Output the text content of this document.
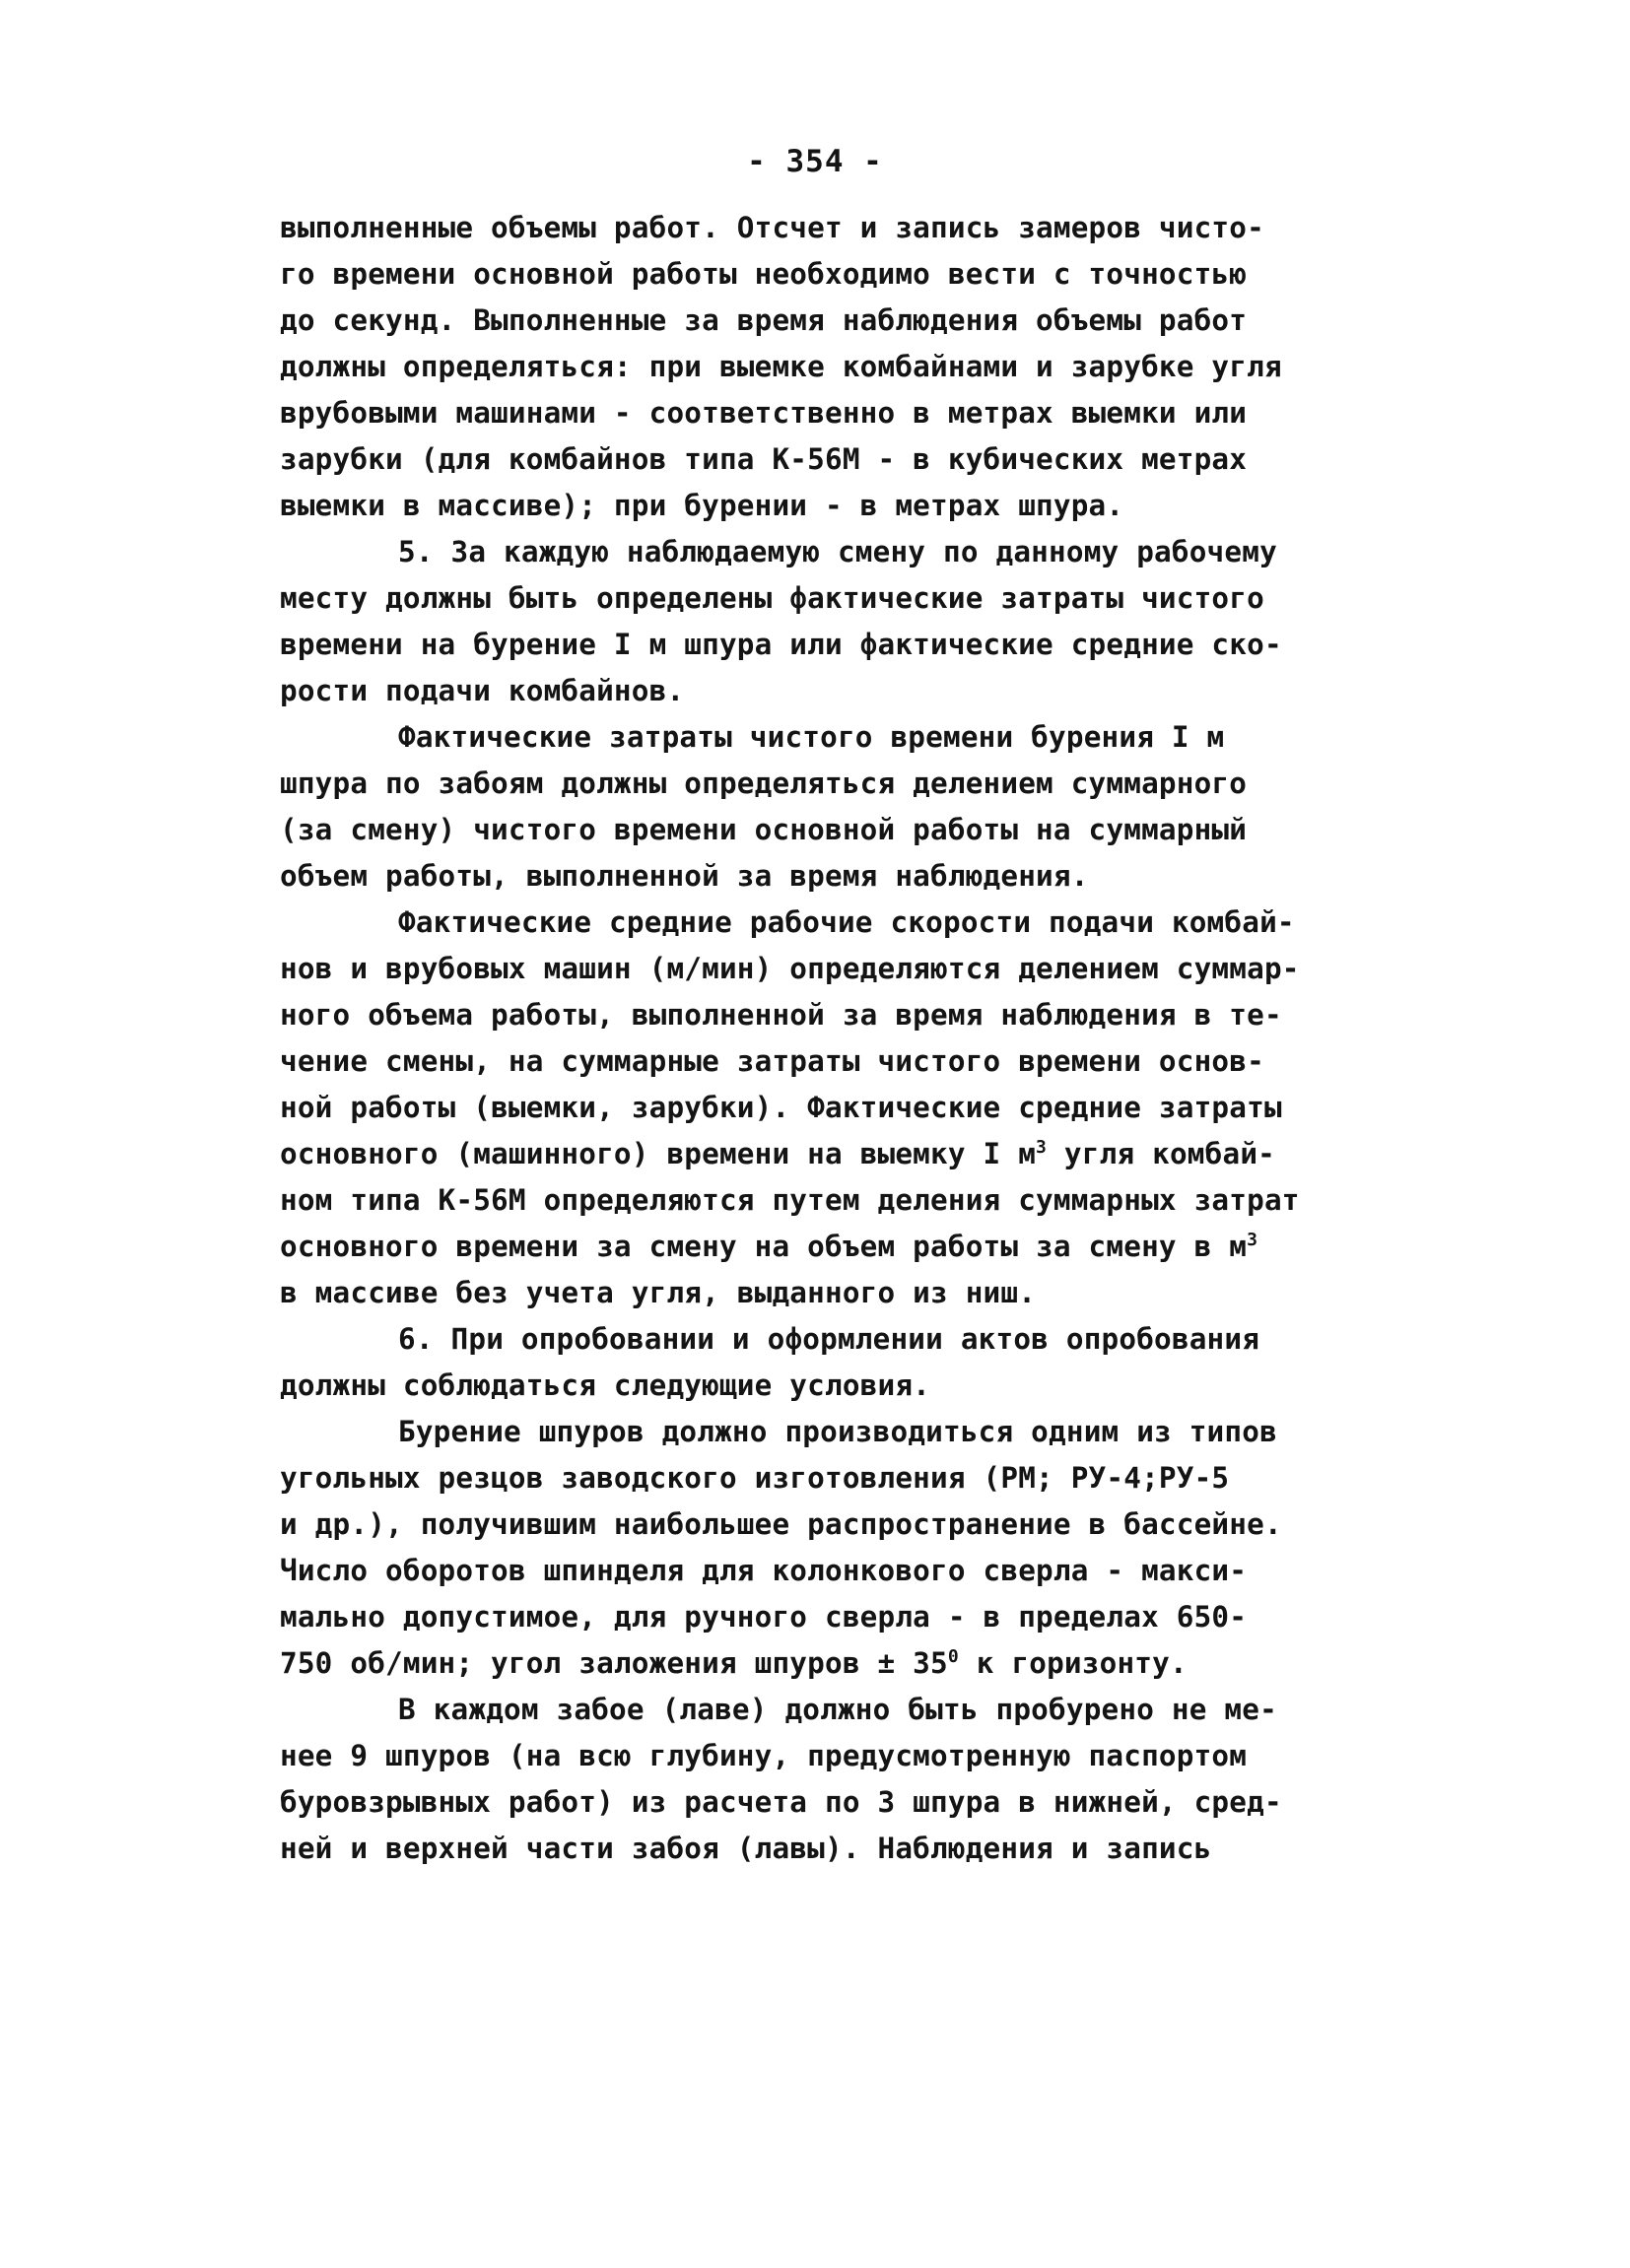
- 354 -
выполненные объемы работ. Отсчет и запись замеров чисто-
го времени основной работы необходимо вести с точностью
до секунд. Выполненные за время наблюдения объемы работ
должны определяться: при выемке комбайнами и зарубке угля
врубовыми машинами - соответственно в метрах выемки или
зарубки (для комбайнов типа К-56М - в кубических метрах
выемки в массиве); при бурении - в метрах шпура.
5. За каждую наблюдаемую смену по данному рабочему
месту должны быть определены фактические затраты чистого
времени на бурение I м шпура или фактические средние ско-
рости подачи комбайнов.
Фактические затраты чистого времени бурения I м
шпура по забоям должны определяться делением суммарного
(за смену) чистого времени основной работы на суммарный
объем работы, выполненной за время наблюдения.
Фактические средние рабочие скорости подачи комбай-
нов и врубовых машин (м/мин) определяются делением суммар-
ного объема работы, выполненной за время наблюдения в те-
чение смены, на суммарные затраты чистого времени основ-
ной работы (выемки, зарубки). Фактические средние затраты
основного (машинного) времени на выемку I $м^3$ угля комбай-
ном типа К-56М определяются путем деления суммарных затрат
основного времени за смену на объем работы за смену в $м^3$
в массиве без учета угля, выданного из ниш.
6. При опробовании и оформлении актов опробования
должны соблюдаться следующие условия.
Бурение шпуров должно производиться одним из типов
угольных резцов заводского изготовления (РМ; РУ-4;РУ-5
и др.), получившим наибольшее распространение в бассейне.
Число оборотов шпинделя для колонкового сверла - макси-
мально допустимое, для ручного сверла - в пределах 650-
750 об/мин; угол заложения шпуров ± $35^0$ к горизонту.
В каждом забое (лаве) должно быть пробурено не ме-
нее 9 шпуров (на всю глубину, предусмотренную паспортом
буровзрывных работ) из расчета по 3 шпура в нижней, сред-
ней и верхней части забоя (лавы). Наблюдения и запись
